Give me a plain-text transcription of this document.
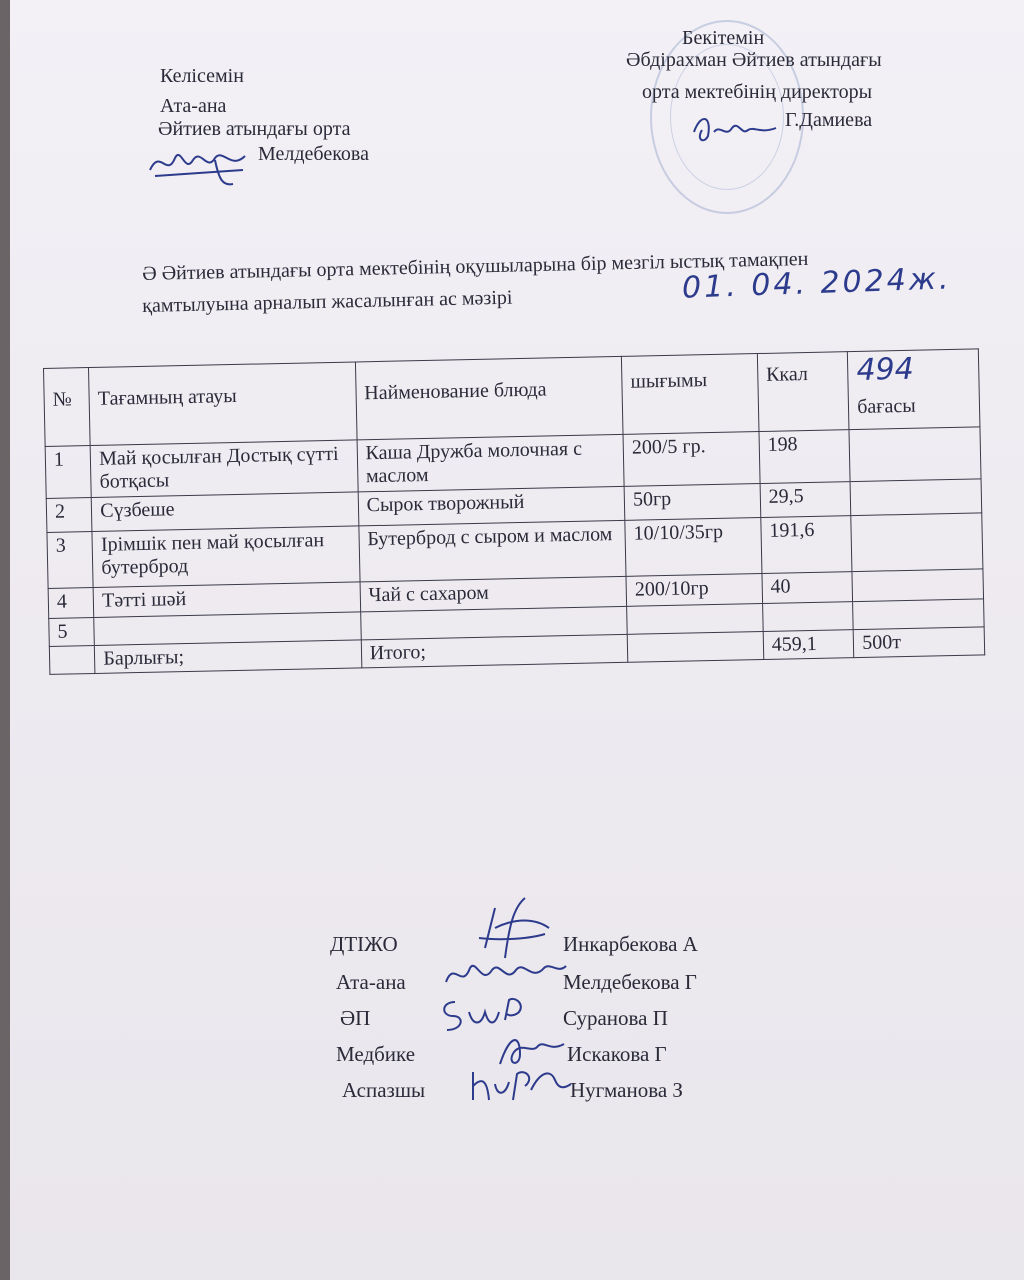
Келісемін
Ата-ана
Әйтиев атындағы орта
Мелдебекова
Бекітемін
Әбдірахман Әйтиев атындағы
орта мектебінің директоры
Г.Дамиева
Ә Әйтиев атындағы орта мектебінің оқушыларына бір мезгіл ыстық тамақпен
қамтылуына арналып жасалынған ас мәзірі	01. 04. 2024ж.
№	Тағамның атауы	Найменование блюда	шығымы	Ккал	494
бағасы

1	Май қосылған Достық сүтті ботқасы	Каша Дружба молочная с маслом	200/5 гр.	198	
2	Сүзбеше	Сырок творожный	50гр	29,5	
3	Ірімшік пен май қосылған бутерброд	Бутерброд с сыром и маслом	10/10/35гр	191,6	
4	Тәтті шәй	Чай с сахаром	200/10гр	40	
5					
	Барлығы;	Итого;		459,1	500т
ДТІЖО	Инкарбекова А
Ата-ана	Мелдебекова Г
ӘП	Суранова П
Медбике	Искакова Г
Аспазшы	Нугманова З
